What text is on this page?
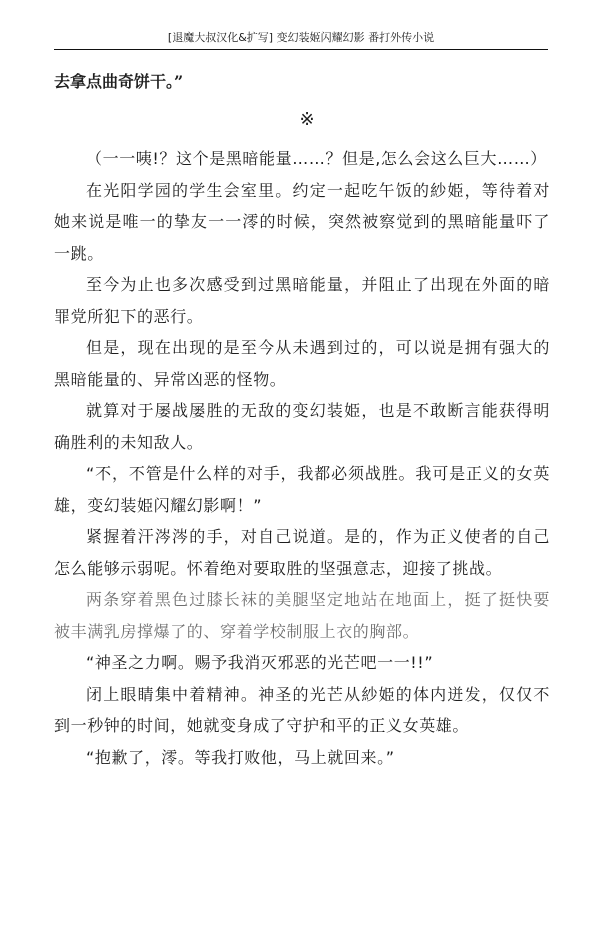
[退魔大叔汉化&扩写] 变幻装姬闪耀幻影 番打外传小说
去拿点曲奇饼干。”
※

（一一咦!？这个是黑暗能量……？但是,怎么会这么巨大……）

在光阳学园的学生会室里。约定一起吃午饭的紗姫，等待着对她来说是唯一的挚友一一澪的时候，突然被察觉到的黑暗能量吓了一跳。

至今为止也多次感受到过黑暗能量，并阻止了出现在外面的暗罪党所犯下的恶行。

但是，现在出现的是至今从未遇到过的，可以说是拥有强大的黑暗能量的、异常凶恶的怪物。

就算对于屡战屡胜的无敌的变幻装姫，也是不敢断言能获得明确胜利的未知敌人。

“不，不管是什么样的对手，我都必须战胜。我可是正义的女英雄，变幻装姫闪耀幻影啊！”

紧握着汗涔涔的手，对自己说道。是的，作为正义使者的自己怎么能够示弱呢。怀着绝对要取胜的坚强意志，迎接了挑战。

两条穿着黑色过膝长袜的美腿坚定地站在地面上，挺了挺快要被丰满乳房撑爆了的、穿着学校制服上衣的胸部。

“神圣之力啊。赐予我消灭邪恶的光芒吧一一!!”

闭上眼睛集中着精神。神圣的光芒从紗姫的体内迸发，仅仅不到一秒钟的时间，她就变身成了守护和平的正义女英雄。

“抱歉了，澪。等我打败他，马上就回来。”
